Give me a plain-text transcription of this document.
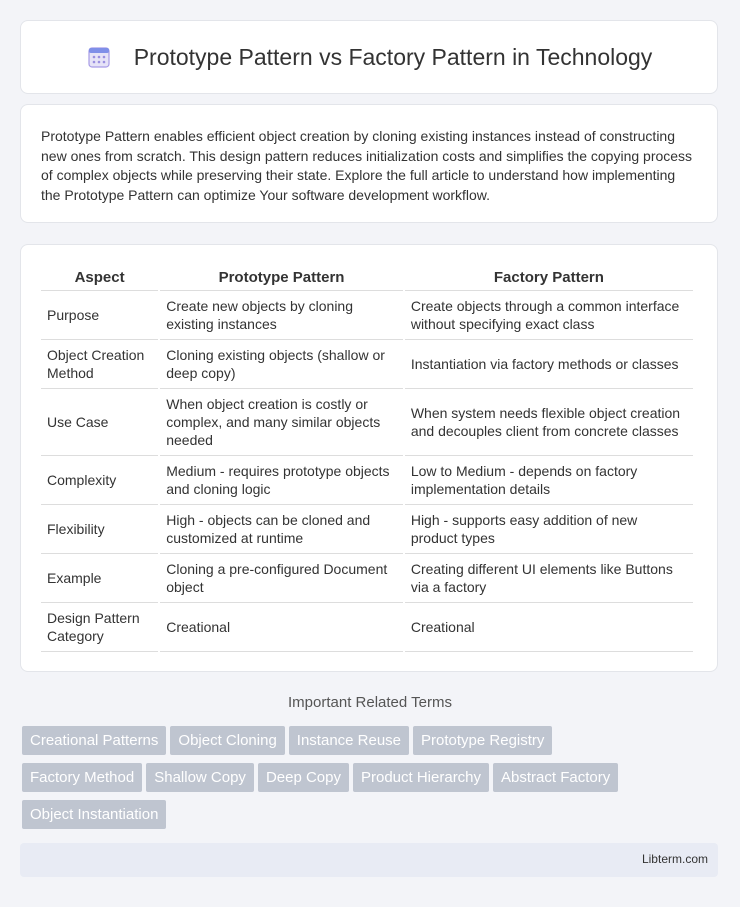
Prototype Pattern vs Factory Pattern in Technology

Prototype Pattern enables efficient object creation by cloning existing instances instead of constructing new ones from scratch. This design pattern reduces initialization costs and simplifies the copying process of complex objects while preserving their state. Explore the full article to understand how implementing the Prototype Pattern can optimize Your software development workflow.

Aspect	Prototype Pattern	Factory Pattern
Purpose	Create new objects by cloning existing instances	Create objects through a common interface without specifying exact class
Object Creation Method	Cloning existing objects (shallow or deep copy)	Instantiation via factory methods or classes
Use Case	When object creation is costly or complex, and many similar objects needed	When system needs flexible object creation and decouples client from concrete classes
Complexity	Medium - requires prototype objects and cloning logic	Low to Medium - depends on factory implementation details
Flexibility	High - objects can be cloned and customized at runtime	High - supports easy addition of new product types
Example	Cloning a pre-configured Document object	Creating different UI elements like Buttons via a factory
Design Pattern Category	Creational	Creational
Important Related Terms
Creational Patterns Object Cloning Instance Reuse Prototype Registry
Factory Method Shallow Copy Deep Copy Product Hierarchy Abstract Factory
Object Instantiation
Libterm.com
